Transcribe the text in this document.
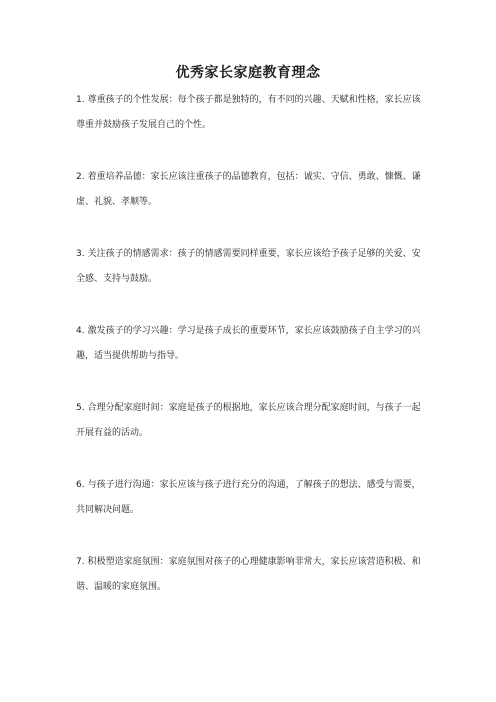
优秀家长家庭教育理念

1. 尊重孩子的个性发展：每个孩子都是独特的，有不同的兴趣、天赋和性格，家长应该尊重并鼓励孩子发展自己的个性。

2. 着重培养品德：家长应该注重孩子的品德教育，包括：诚实、守信、勇敢、慷慨、谦虚、礼貌、孝顺等。

3. 关注孩子的情感需求：孩子的情感需要同样重要，家长应该给予孩子足够的关爱、安全感、支持与鼓励。

4. 激发孩子的学习兴趣：学习是孩子成长的重要环节，家长应该鼓励孩子自主学习的兴趣，适当提供帮助与指导。

5. 合理分配家庭时间：家庭是孩子的根据地，家长应该合理分配家庭时间，与孩子一起开展有益的活动。

6. 与孩子进行沟通：家长应该与孩子进行充分的沟通，了解孩子的想法、感受与需要，共同解决问题。

7. 积极塑造家庭氛围：家庭氛围对孩子的心理健康影响非常大，家长应该营造积极、和谐、温暖的家庭氛围。
